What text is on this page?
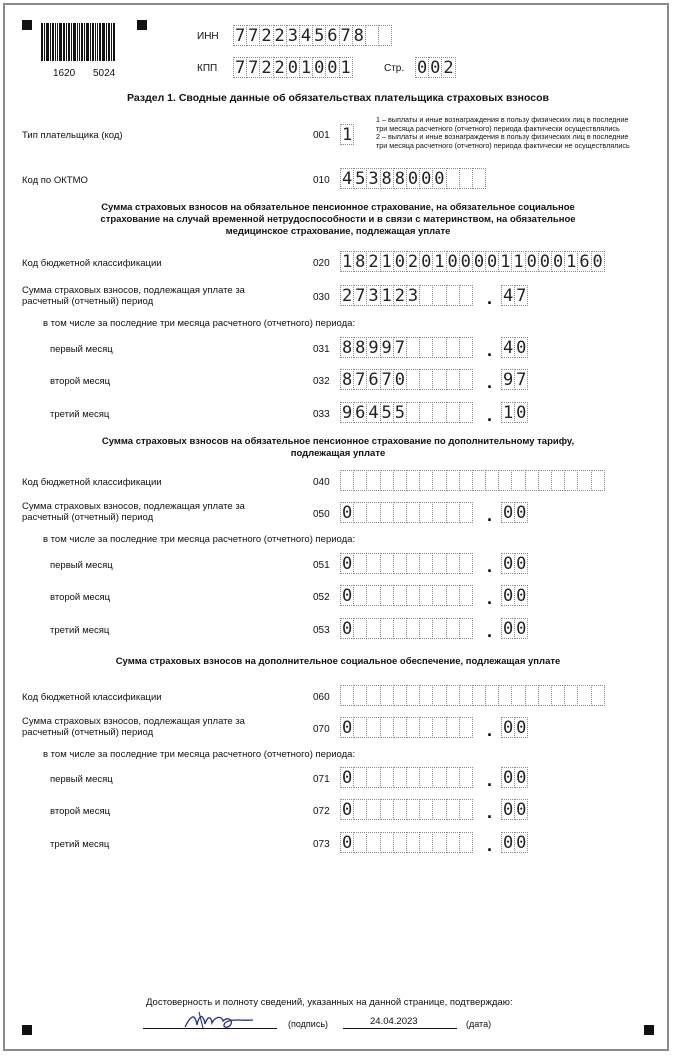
1620 5024
ИНН 7 7 2 2 3 4 5 6 7 8
КПП 7 7 2 2 0 1 0 0 1	Стр. 0 0 2
Раздел 1. Сводные данные об обязательствах плательщика страховых взносов
Тип плательщика (код)	001 1
1 – выплаты и иные вознаграждения в пользу физических лиц в последние
три месяца расчетного (отчетного) периода фактически осуществлялись
2 – выплаты и иные вознаграждения в пользу физических лиц в последние
три месяца расчетного (отчетного) периода фактически не осуществлялись
Код по ОКТМО	010 4 5 3 8 8 0 0 0
Сумма страховых взносов на обязательное пенсионное страхование, на обязательное социальное
страхование на случай временной нетрудоспособности и в связи с материнством, на обязательное
медицинское страхование, подлежащая уплате
Код бюджетной классификации	020 1 8 2 1 0 2 0 1 0 0 0 0 1 1 0 0 0 1 6 0
Сумма страховых взносов, подлежащая уплате за
расчетный (отчетный) период	030 2 7 3 1 2 3	. 4 7
в том числе за последние три месяца расчетного (отчетного) периода:
первый месяц	031 8 8 9 9 7	. 4 0
второй месяц	032 8 7 6 7 0	. 9 7
третий месяц	033 9 6 4 5 5	. 1 0
Сумма страховых взносов на обязательное пенсионное страхование по дополнительному тарифу,
подлежащая уплате
Код бюджетной классификации	040
Сумма страховых взносов, подлежащая уплате за
расчетный (отчетный) период	050 0	. 0 0
в том числе за последние три месяца расчетного (отчетного) периода:
первый месяц	051 0	. 0 0
второй месяц	052 0	. 0 0
третий месяц	053 0	. 0 0
Сумма страховых взносов на дополнительное социальное обеспечение, подлежащая уплате
Код бюджетной классификации	060
Сумма страховых взносов, подлежащая уплате за
расчетный (отчетный) период	070 0	. 0 0
в том числе за последние три месяца расчетного (отчетного) периода:
первый месяц	071 0	. 0 0
второй месяц	072 0	. 0 0
третий месяц	073 0	. 0 0
Достоверность и полноту сведений, указанных на данной странице, подтверждаю:
(подпись)	24.04.2023	(дата)
